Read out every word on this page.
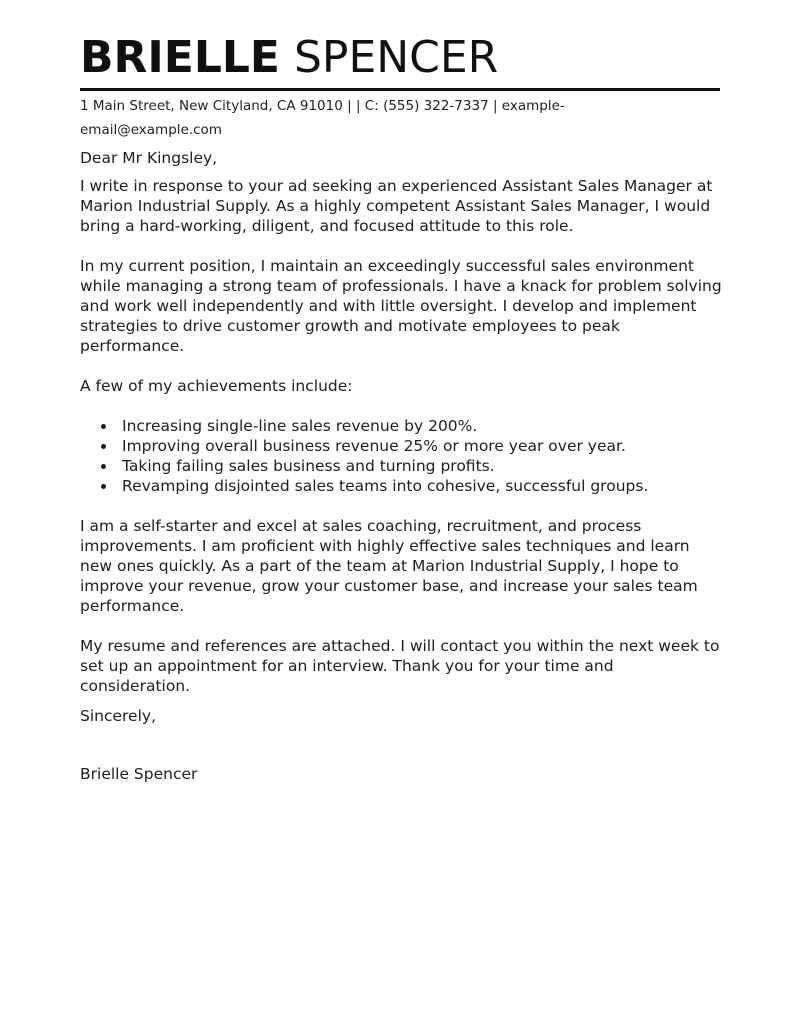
BRIELLE SPENCER
1 Main Street, New Cityland, CA 91010 | | C: (555) 322-7337 | example-
email@example.com
Dear Mr Kingsley,
I write in response to your ad seeking an experienced Assistant Sales Manager at
Marion Industrial Supply. As a highly competent Assistant Sales Manager, I would
bring a hard-working, diligent, and focused attitude to this role.
In my current position, I maintain an exceedingly successful sales environment
while managing a strong team of professionals. I have a knack for problem solving
and work well independently and with little oversight. I develop and implement
strategies to drive customer growth and motivate employees to peak
performance.
A few of my achievements include:
Increasing single-line sales revenue by 200%.
Improving overall business revenue 25% or more year over year.
Taking failing sales business and turning profits.
Revamping disjointed sales teams into cohesive, successful groups.
I am a self-starter and excel at sales coaching, recruitment, and process
improvements. I am proficient with highly effective sales techniques and learn
new ones quickly. As a part of the team at Marion Industrial Supply, I hope to
improve your revenue, grow your customer base, and increase your sales team
performance.
My resume and references are attached. I will contact you within the next week to
set up an appointment for an interview. Thank you for your time and consideration.
Sincerely,
Brielle Spencer
